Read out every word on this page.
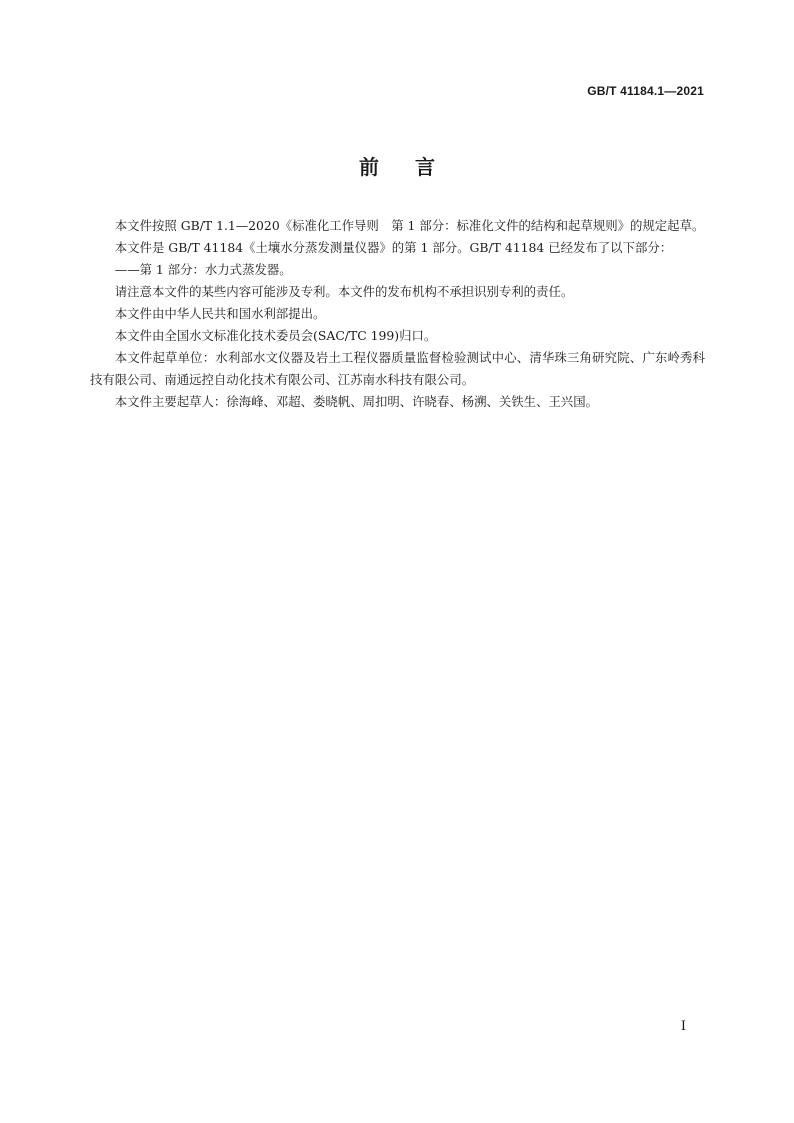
GB/T 41184.1—2021
前言

本文件按照 GB/T 1.1—2020《标准化工作导则　第 1 部分：标准化文件的结构和起草规则》的规定起草。

本文件是 GB/T 41184《土壤水分蒸发测量仪器》的第 1 部分。GB/T 41184 已经发布了以下部分：

——第 1 部分：水力式蒸发器。

请注意本文件的某些内容可能涉及专利。本文件的发布机构不承担识别专利的责任。

本文件由中华人民共和国水利部提出。

本文件由全国水文标准化技术委员会(SAC/TC 199)归口。

本文件起草单位：水利部水文仪器及岩土工程仪器质量监督检验测试中心、清华珠三角研究院、广东岭秀科技有限公司、南通远控自动化技术有限公司、江苏南水科技有限公司。

本文件主要起草人：徐海峰、邓超、娄晓帆、周扣明、许晓春、杨溯、关铁生、王兴国。

I
